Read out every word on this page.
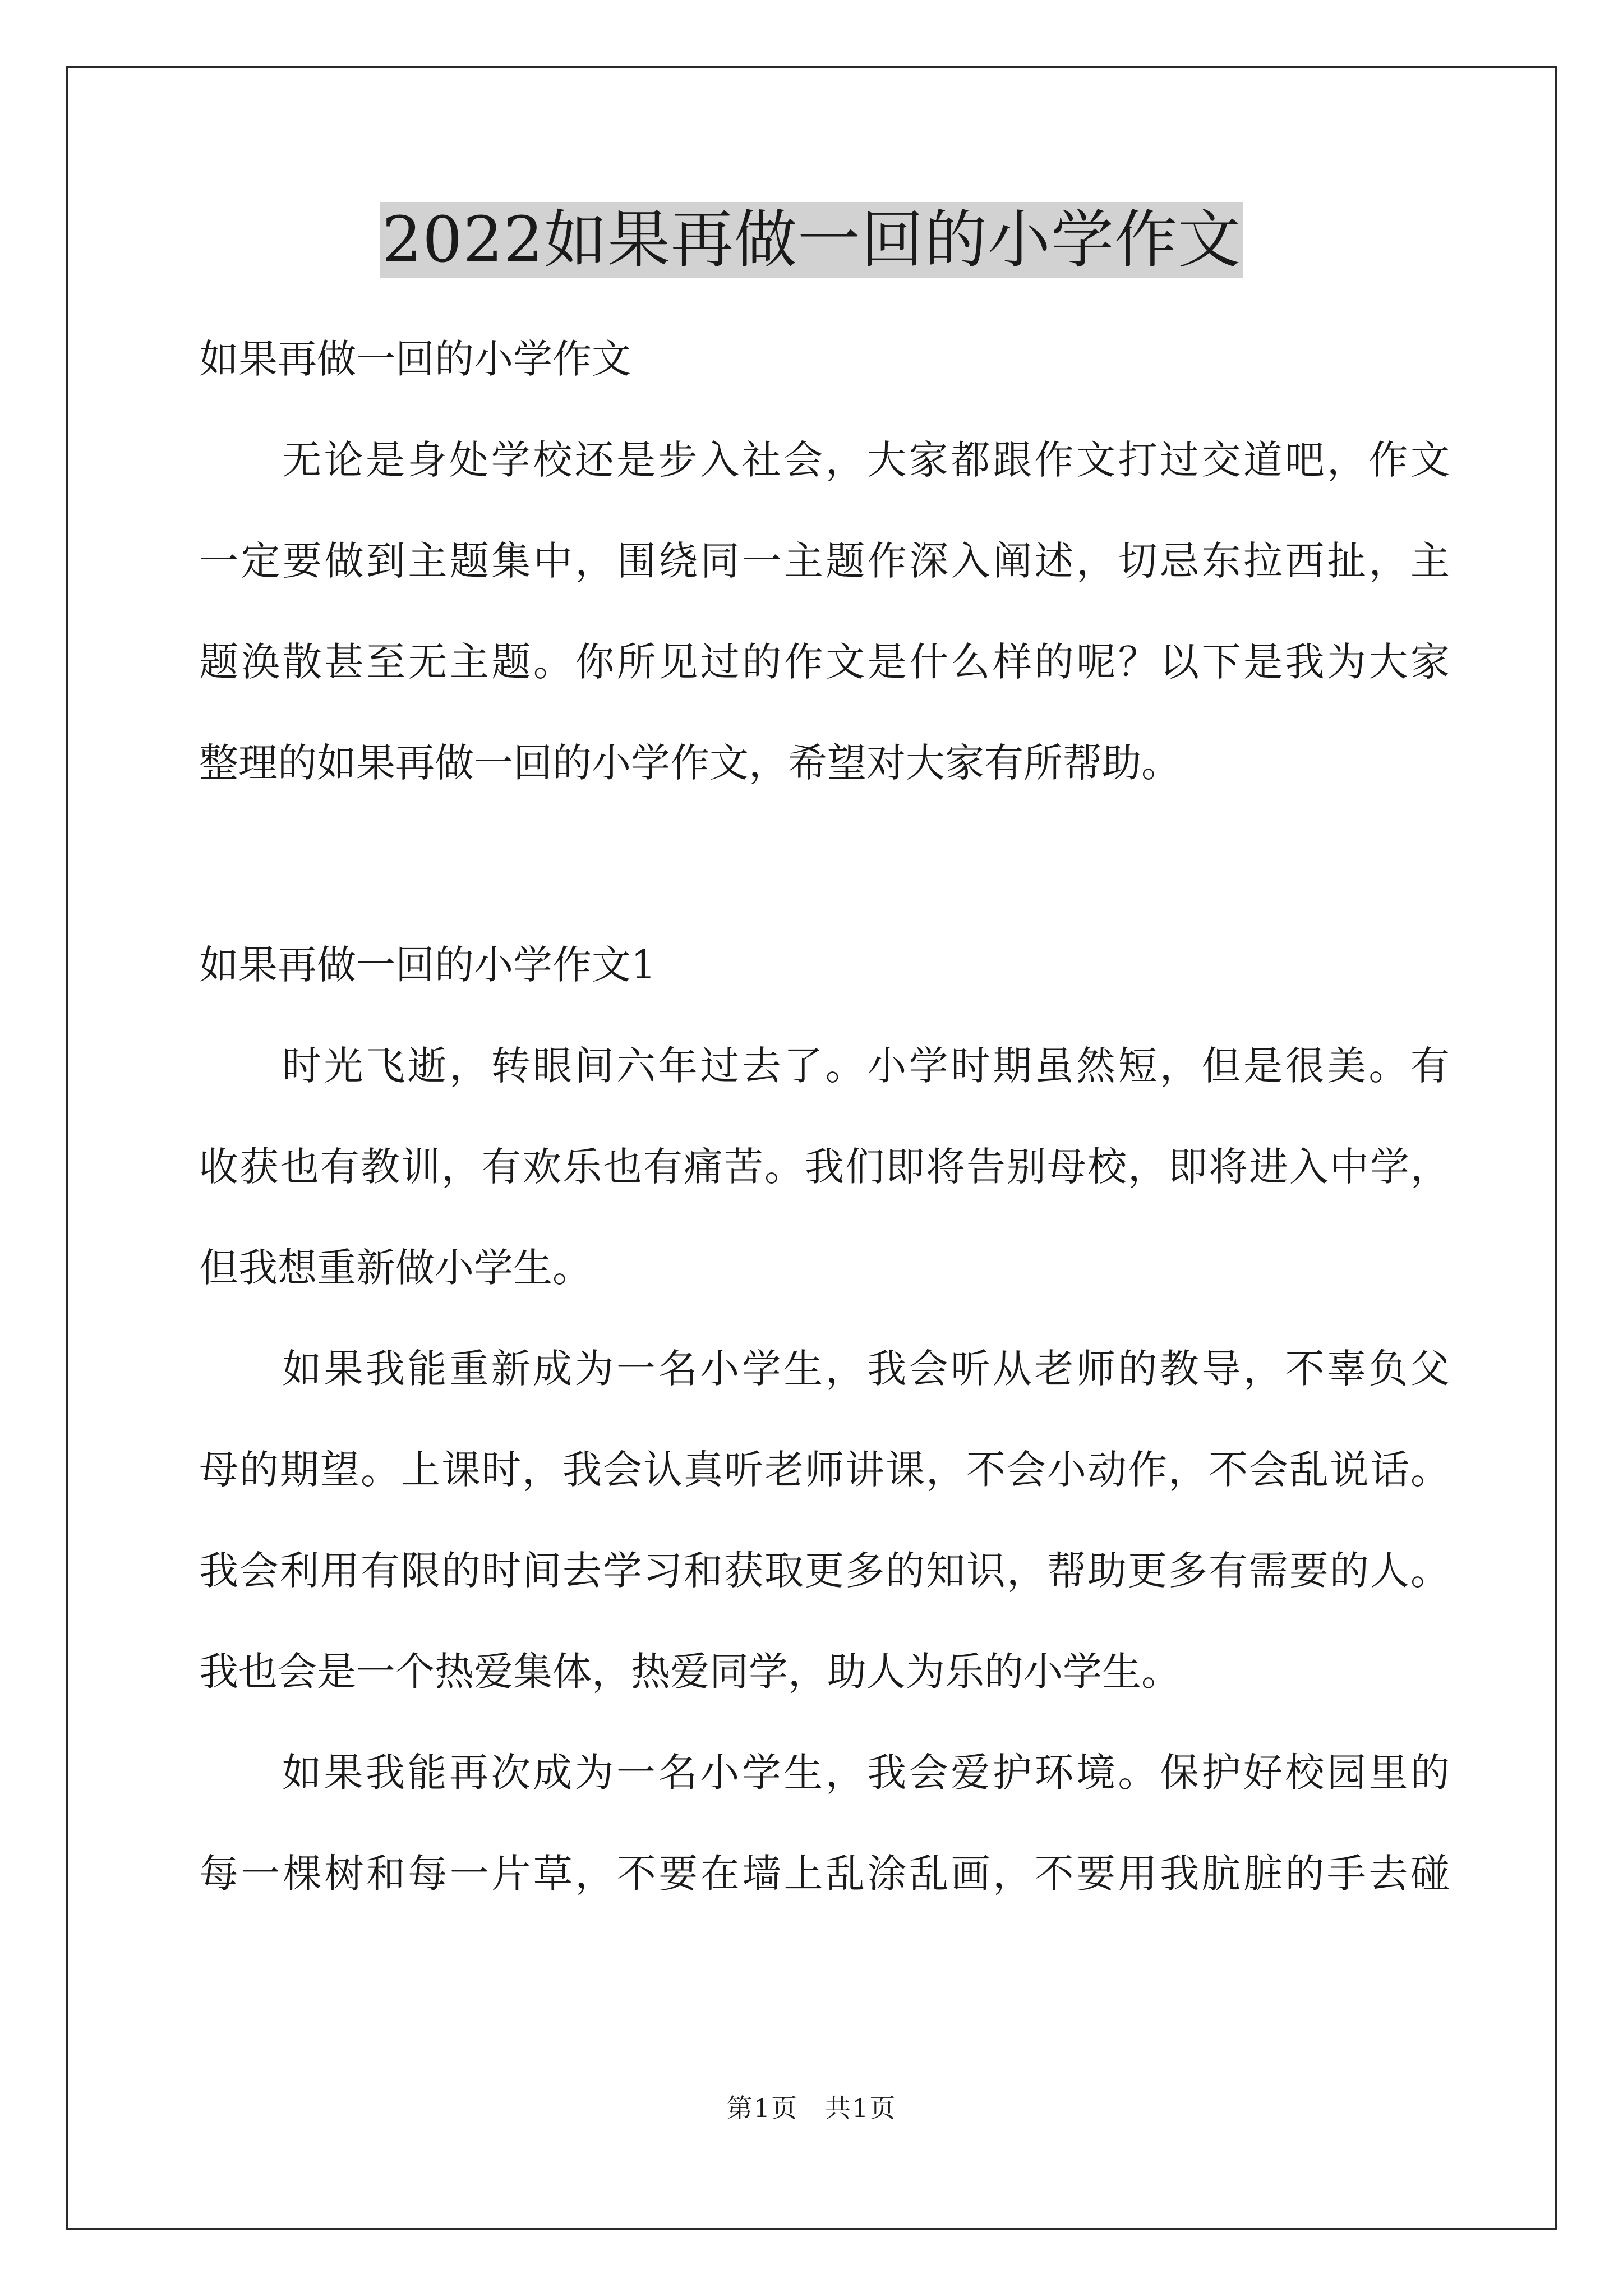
2022如果再做一回的小学作文
如果再做一回的小学作文
无论是身处学校还是步入社会，大家都跟作文打过交道吧，作文
一定要做到主题集中，围绕同一主题作深入阐述，切忌东拉西扯，主
题涣散甚至无主题。你所见过的作文是什么样的呢？以下是我为大家
整理的如果再做一回的小学作文，希望对大家有所帮助。
如果再做一回的小学作文1
时光飞逝，转眼间六年过去了。小学时期虽然短，但是很美。有
收获也有教训，有欢乐也有痛苦。我们即将告别母校，即将进入中学，
但我想重新做小学生。
如果我能重新成为一名小学生，我会听从老师的教导，不辜负父
母的期望。上课时，我会认真听老师讲课，不会小动作，不会乱说话。
我会利用有限的时间去学习和获取更多的知识，帮助更多有需要的人。
我也会是一个热爱集体，热爱同学，助人为乐的小学生。
如果我能再次成为一名小学生，我会爱护环境。保护好校园里的
每一棵树和每一片草，不要在墙上乱涂乱画，不要用我肮脏的手去碰
第1页　共1页
